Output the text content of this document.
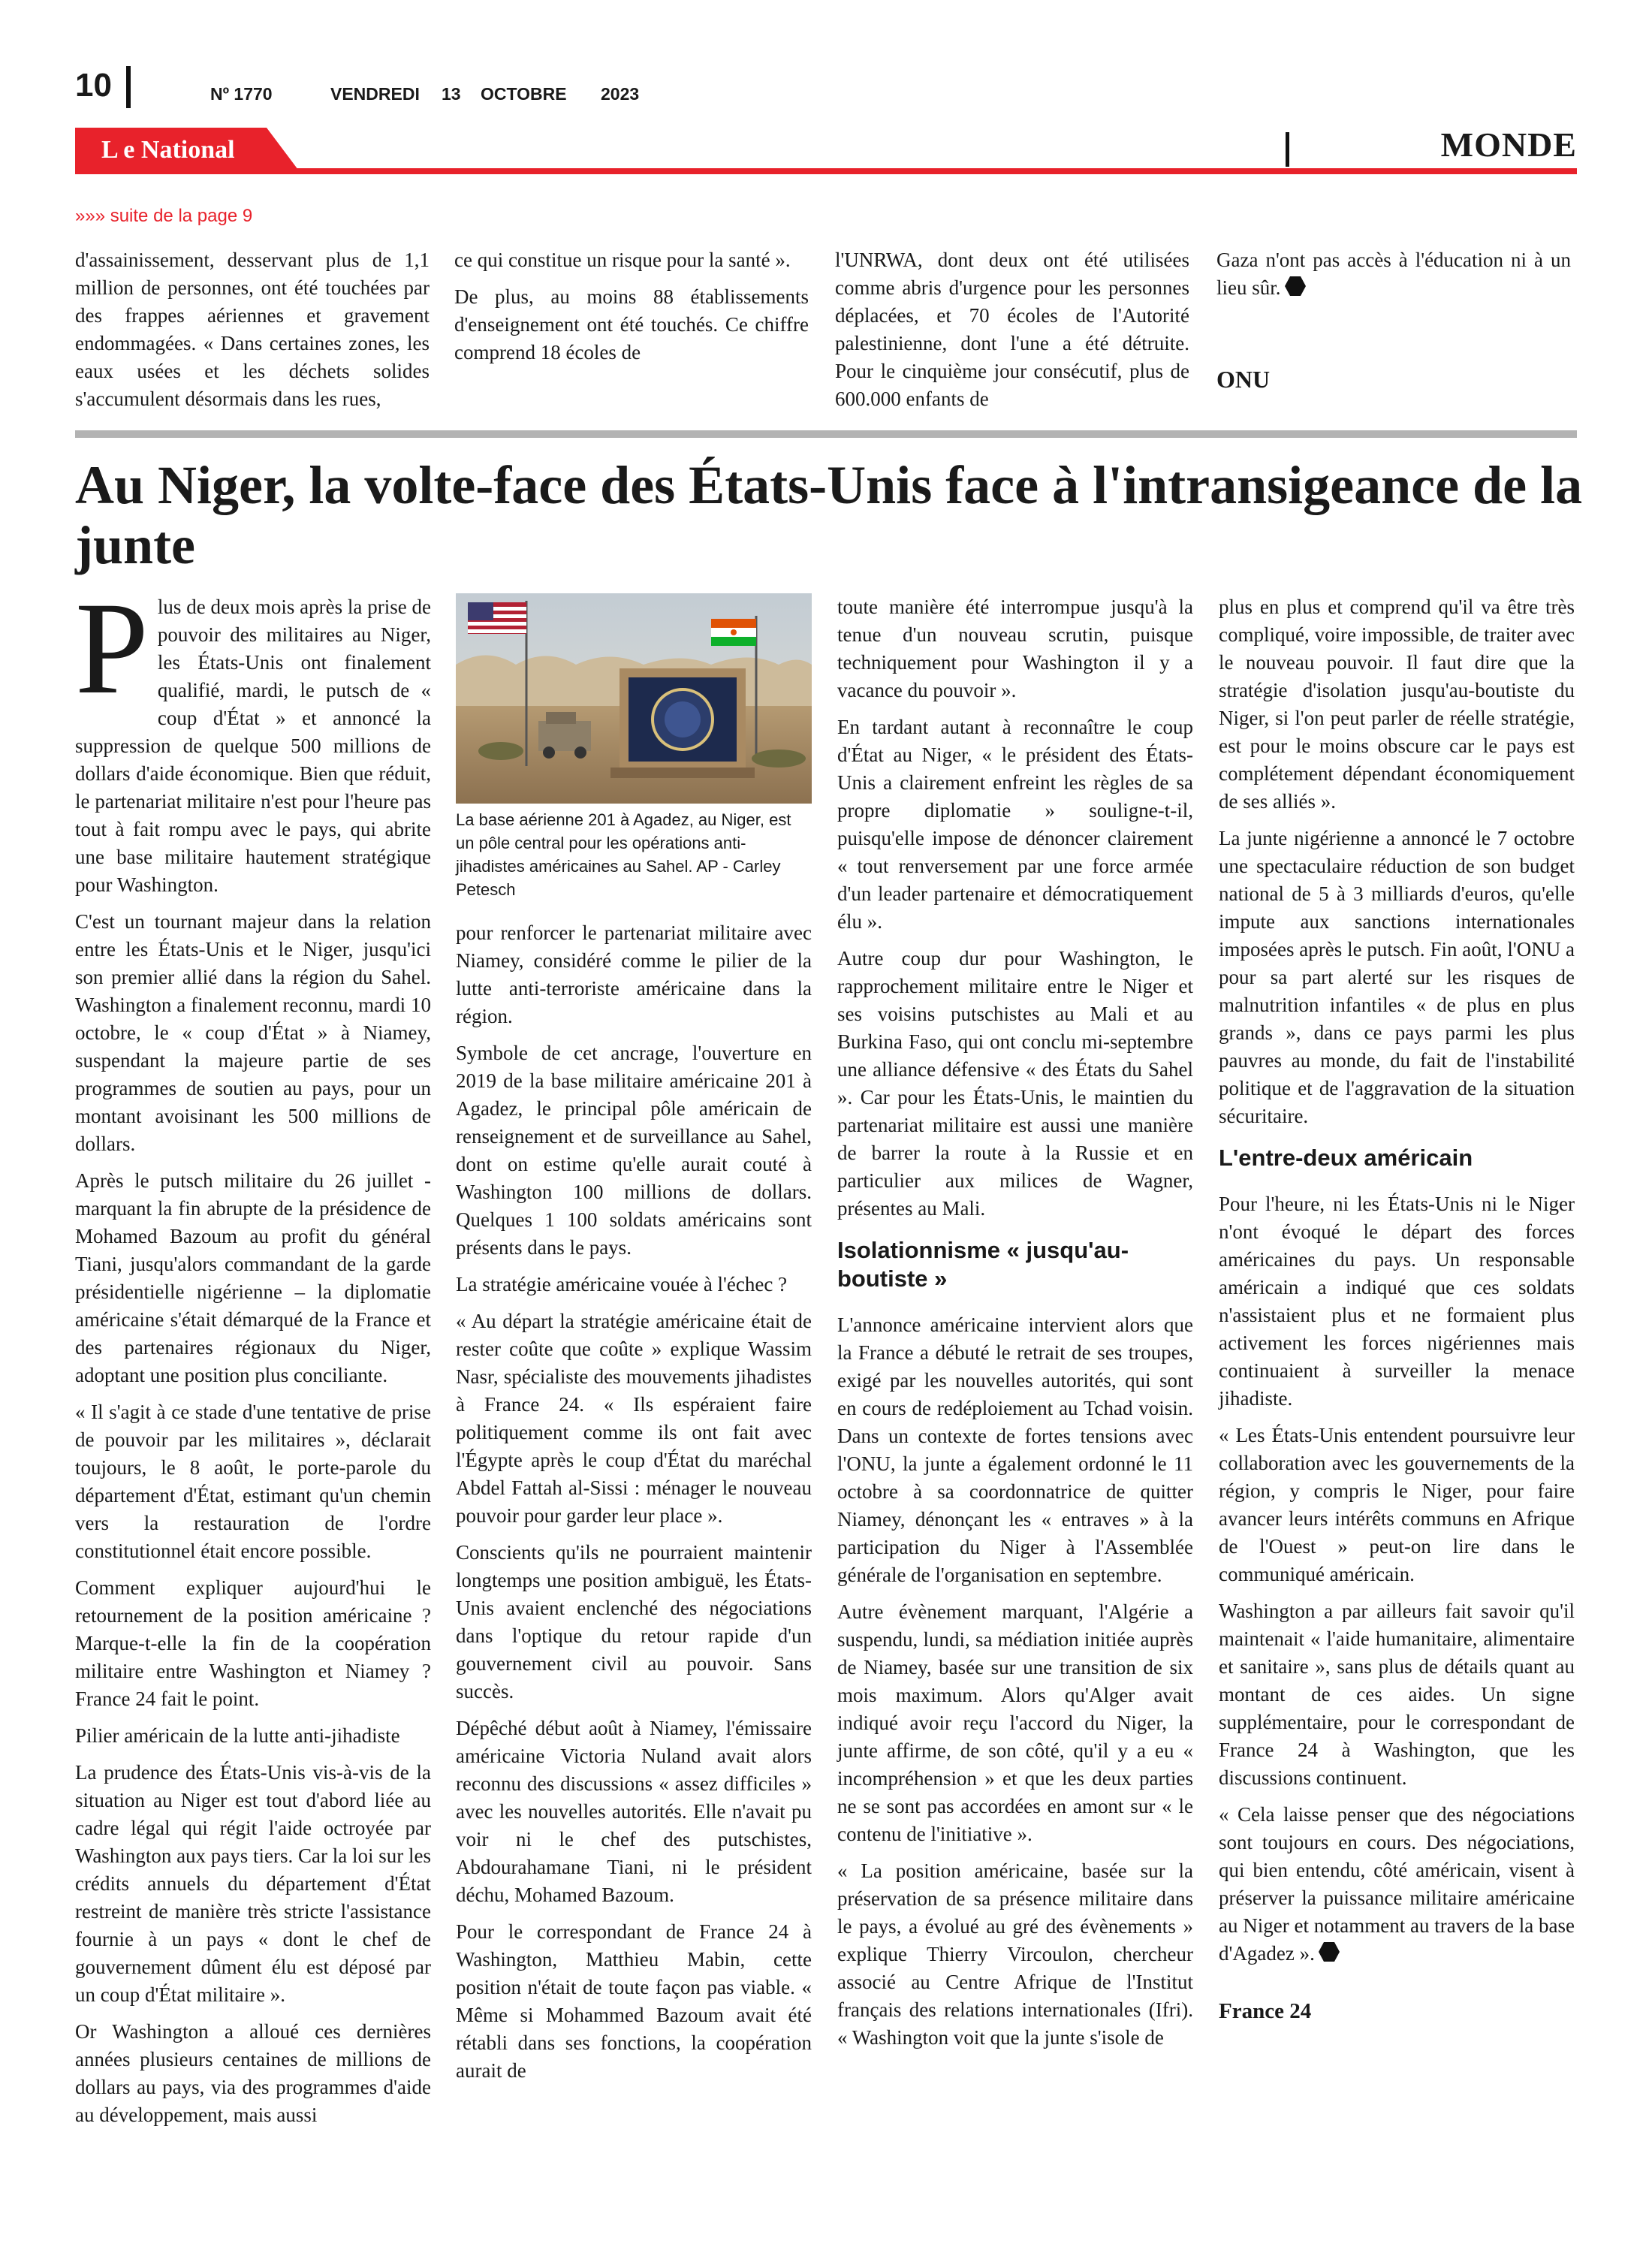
10	Nº 1770	VENDREDI 13 OCTOBRE 2023
L e National	MONDE
»»» suite de la page 9

d'assainissement, desservant plus de 1,1 million de personnes, ont été touchées par des frappes aériennes et gravement endommagées. « Dans certaines zones, les eaux usées et les déchets solides s'accumulent désormais dans les rues,

ce qui constitue un risque pour la santé ».

De plus, au moins 88 établissements d'enseignement ont été touchés. Ce chiffre comprend 18 écoles de

l'UNRWA, dont deux ont été utilisées comme abris d'urgence pour les personnes déplacées, et 70 écoles de l'Autorité palestinienne, dont l'une a été détruite. Pour le cinquième jour consécutif, plus de 600.000 enfants de

Gaza n'ont pas accès à l'éducation ni à un lieu sûr.

ONU
Au Niger, la volte-face des États-Unis face à l'intransigeance de la junte

Plus de deux mois après la prise de pouvoir des militaires au Niger, les États-Unis ont finalement qualifié, mardi, le putsch de « coup d'État » et annoncé la suppression de quelque 500 millions de dollars d'aide économique. Bien que réduit, le partenariat militaire n'est pour l'heure pas tout à fait rompu avec le pays, qui abrite une base militaire hautement stratégique pour Washington.

C'est un tournant majeur dans la relation entre les États-Unis et le Niger, jusqu'ici son premier allié dans la région du Sahel. Washington a finalement reconnu, mardi 10 octobre, le « coup d'État » à Niamey, suspendant la majeure partie de ses programmes de soutien au pays, pour un montant avoisinant les 500 millions de dollars.

Après le putsch militaire du 26 juillet - marquant la fin abrupte de la présidence de Mohamed Bazoum au profit du général Tiani, jusqu'alors commandant de la garde présidentielle nigérienne – la diplomatie américaine s'était démarqué de la France et des partenaires régionaux du Niger, adoptant une position plus conciliante.

« Il s'agit à ce stade d'une tentative de prise de pouvoir par les militaires », déclarait toujours, le 8 août, le porte-parole du département d'État, estimant qu'un chemin vers la restauration de l'ordre constitutionnel était encore possible.

Comment expliquer aujourd'hui le retournement de la position américaine ? Marque-t-elle la fin de la coopération militaire entre Washington et Niamey ? France 24 fait le point.

Pilier américain de la lutte anti-jihadiste

La prudence des États-Unis vis-à-vis de la situation au Niger est tout d'abord liée au cadre légal qui régit l'aide octroyée par Washington aux pays tiers. Car la loi sur les crédits annuels du département d'État restreint de manière très stricte l'assistance fournie à un pays « dont le chef de gouvernement dûment élu est déposé par un coup d'État militaire ».

Or Washington a alloué ces dernières années plusieurs centaines de millions de dollars au pays, via des programmes d'aide au développement, mais aussi

La base aérienne 201 à Agadez, au Niger, est un pôle central pour les opérations anti-jihadistes américaines au Sahel. AP - Carley Petesch

pour renforcer le partenariat militaire avec Niamey, considéré comme le pilier de la lutte anti-terroriste américaine dans la région.

Symbole de cet ancrage, l'ouverture en 2019 de la base militaire américaine 201 à Agadez, le principal pôle américain de renseignement et de surveillance au Sahel, dont on estime qu'elle aurait couté à Washington 100 millions de dollars. Quelques 1 100 soldats américains sont présents dans le pays.

La stratégie américaine vouée à l'échec ?

« Au départ la stratégie américaine était de rester coûte que coûte » explique Wassim Nasr, spécialiste des mouvements jihadistes à France 24. « Ils espéraient faire politiquement comme ils ont fait avec l'Égypte après le coup d'État du maréchal Abdel Fattah al-Sissi : ménager le nouveau pouvoir pour garder leur place ».

Conscients qu'ils ne pourraient maintenir longtemps une position ambiguë, les États-Unis avaient enclenché des négociations dans l'optique du retour rapide d'un gouvernement civil au pouvoir. Sans succès.

Dépêché début août à Niamey, l'émissaire américaine Victoria Nuland avait alors reconnu des discussions « assez difficiles » avec les nouvelles autorités. Elle n'avait pu voir ni le chef des putschistes, Abdourahamane Tiani, ni le président déchu, Mohamed Bazoum.

Pour le correspondant de France 24 à Washington, Matthieu Mabin, cette position n'était de toute façon pas viable. « Même si Mohammed Bazoum avait été rétabli dans ses fonctions, la coopération aurait de

toute manière été interrompue jusqu'à la tenue d'un nouveau scrutin, puisque techniquement pour Washington il y a vacance du pouvoir ».

En tardant autant à reconnaître le coup d'État au Niger, « le président des États-Unis a clairement enfreint les règles de sa propre diplomatie » souligne-t-il, puisqu'elle impose de dénoncer clairement « tout renversement par une force armée d'un leader partenaire et démocratiquement élu ».

Autre coup dur pour Washington, le rapprochement militaire entre le Niger et ses voisins putschistes au Mali et au Burkina Faso, qui ont conclu mi-septembre une alliance défensive « des États du Sahel ». Car pour les États-Unis, le maintien du partenariat militaire est aussi une manière de barrer la route à la Russie et en particulier aux milices de Wagner, présentes au Mali.

Isolationnisme « jusqu'au-boutiste »

L'annonce américaine intervient alors que la France a débuté le retrait de ses troupes, exigé par les nouvelles autorités, qui sont en cours de redéploiement au Tchad voisin. Dans un contexte de fortes tensions avec l'ONU, la junte a également ordonné le 11 octobre à sa coordonnatrice de quitter Niamey, dénonçant les « entraves » à la participation du Niger à l'Assemblée générale de l'organisation en septembre.

Autre évènement marquant, l'Algérie a suspendu, lundi, sa médiation initiée auprès de Niamey, basée sur une transition de six mois maximum. Alors qu'Alger avait indiqué avoir reçu l'accord du Niger, la junte affirme, de son côté, qu'il y a eu « incompréhension » et que les deux parties ne se sont pas accordées en amont sur « le contenu de l'initiative ».

« La position américaine, basée sur la préservation de sa présence militaire dans le pays, a évolué au gré des évènements » explique Thierry Vircoulon, chercheur associé au Centre Afrique de l'Institut français des relations internationales (Ifri). « Washington voit que la junte s'isole de

plus en plus et comprend qu'il va être très compliqué, voire impossible, de traiter avec le nouveau pouvoir. Il faut dire que la stratégie d'isolation jusqu'au-boutiste du Niger, si l'on peut parler de réelle stratégie, est pour le moins obscure car le pays est complétement dépendant économiquement de ses alliés ».

La junte nigérienne a annoncé le 7 octobre une spectaculaire réduction de son budget national de 5 à 3 milliards d'euros, qu'elle impute aux sanctions internationales imposées après le putsch. Fin août, l'ONU a pour sa part alerté sur les risques de malnutrition infantiles « de plus en plus grands », dans ce pays parmi les plus pauvres au monde, du fait de l'instabilité politique et de l'aggravation de la situation sécuritaire.

L'entre-deux américain

Pour l'heure, ni les États-Unis ni le Niger n'ont évoqué le départ des forces américaines du pays. Un responsable américain a indiqué que ces soldats n'assistaient plus et ne formaient plus activement les forces nigériennes mais continuaient à surveiller la menace jihadiste.

« Les États-Unis entendent poursuivre leur collaboration avec les gouvernements de la région, y compris le Niger, pour faire avancer leurs intérêts communs en Afrique de l'Ouest » peut-on lire dans le communiqué américain.

Washington a par ailleurs fait savoir qu'il maintenait « l'aide humanitaire, alimentaire et sanitaire », sans plus de détails quant au montant de ces aides. Un signe supplémentaire, pour le correspondant de France 24 à Washington, que les discussions continuent.

« Cela laisse penser que des négociations sont toujours en cours. Des négociations, qui bien entendu, côté américain, visent à préserver la puissance militaire américaine au Niger et notamment au travers de la base d'Agadez ».

France 24
